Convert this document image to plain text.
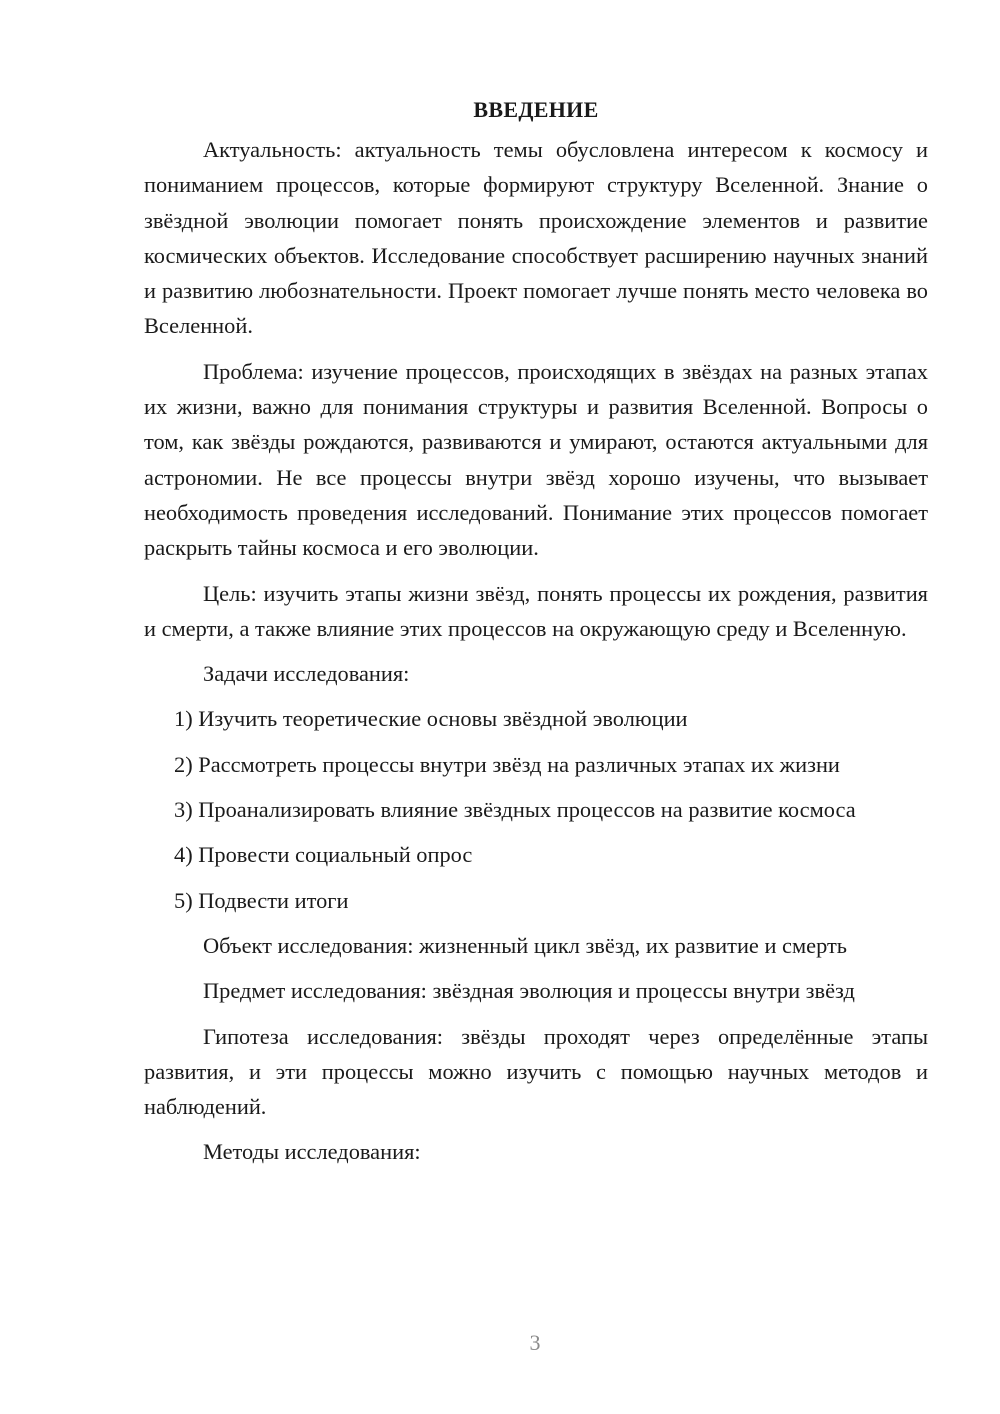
ВВЕДЕНИЕ

Актуальность: актуальность темы обусловлена интересом к космосу и пониманием процессов, которые формируют структуру Вселенной. Знание о звёздной эволюции помогает понять происхождение элементов и развитие космических объектов. Исследование способствует расширению научных знаний и развитию любознательности. Проект помогает лучше понять место человека во Вселенной.

Проблема: изучение процессов, происходящих в звёздах на разных этапах их жизни, важно для понимания структуры и развития Вселенной. Вопросы о том, как звёзды рождаются, развиваются и умирают, остаются актуальными для астрономии. Не все процессы внутри звёзд хорошо изучены, что вызывает необходимость проведения исследований. Понимание этих процессов помогает раскрыть тайны космоса и его эволюции.

Цель: изучить этапы жизни звёзд, понять процессы их рождения, развития и смерти, а также влияние этих процессов на окружающую среду и Вселенную.

Задачи исследования:
1) Изучить теоретические основы звёздной эволюции
2) Рассмотреть процессы внутри звёзд на различных этапах их жизни

3) Проанализировать влияние звёздных процессов на развитие космоса

4) Провести социальный опрос
5) Подвести итоги
Объект исследования: жизненный цикл звёзд, их развитие и смерть
Предмет исследования: звёздная эволюция и процессы внутри звёзд

Гипотеза исследования: звёзды проходят через определённые этапы развития, и эти процессы можно изучить с помощью научных методов и наблюдений.

Методы исследования:
3
